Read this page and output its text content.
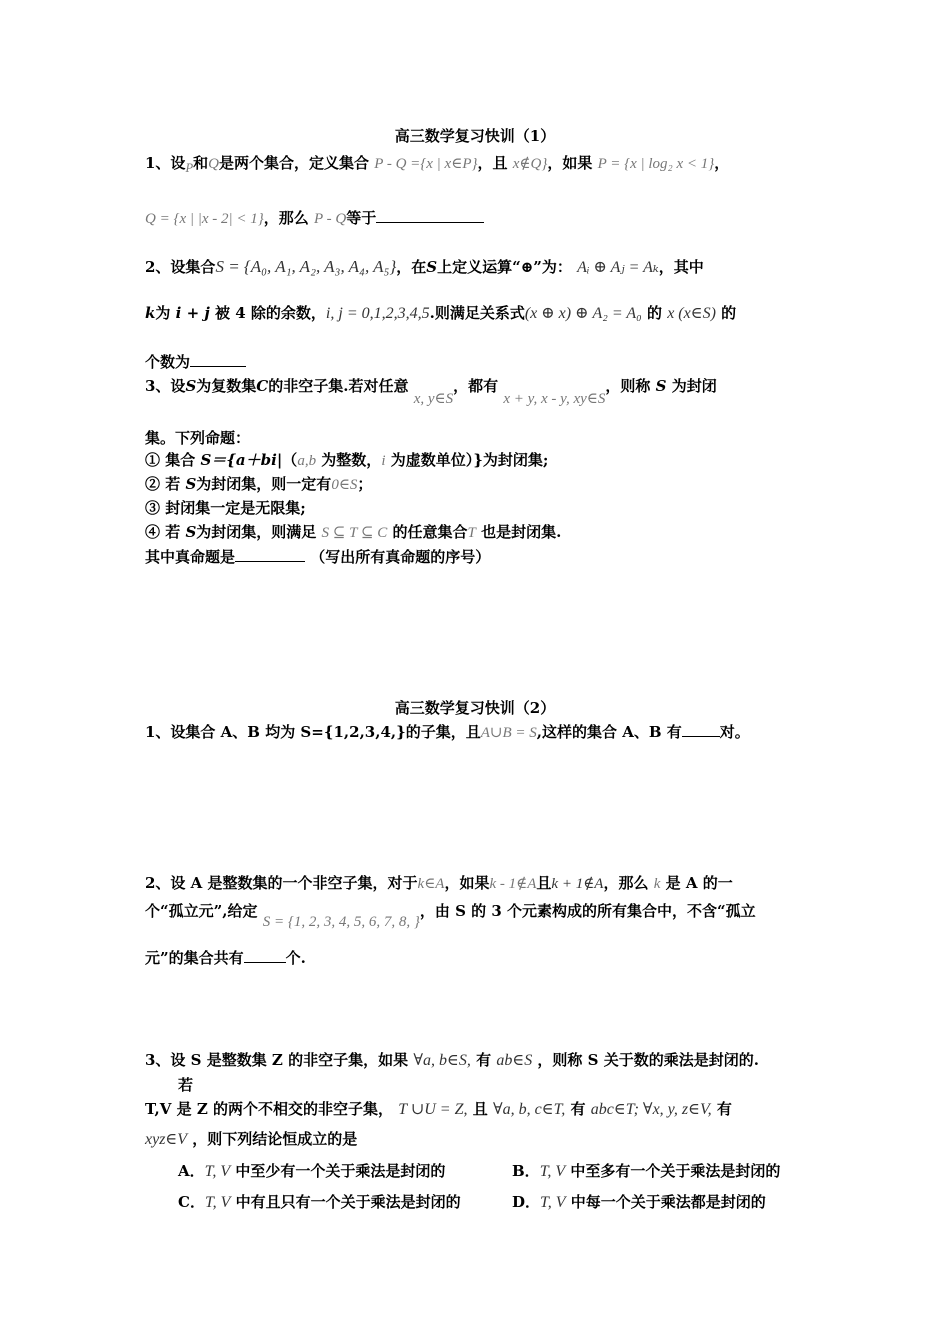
高三数学复习快训（1）
1、设$_P$和Q是两个集合，定义集合 P - Q ={x | x∈P}，且 x∉Q}，如果 P = {x | log₂ x < 1}，
Q = {x | |x - 2| < 1}，那么 P - Q等于
2、设集合S = {A₀, A₁, A₂, A₃, A₄, A₅}，在S上定义运算“⊕”为： Aᵢ ⊕ Aⱼ = Aₖ，其中
k为 i + j 被 4 除的余数，i, j = 0,1,2,3,4,5.则满足关系式(x ⊕ x) ⊕ A₂ = A₀ 的 x (x∈S) 的
个数为
3、设S为复数集C的非空子集.若对任意 x, y∈S，都有 x + y, x - y, xy∈S，则称 S 为封闭
集。下列命题：
① 集合 S＝{a＋bi|（a,b 为整数，i 为虚数单位）}为封闭集;
② 若 S为封闭集，则一定有0∈S；
③ 封闭集一定是无限集;
④ 若 S为封闭集，则满足 S ⊆ T ⊆ C 的任意集合T 也是封闭集.
其中真命题是	（写出所有真命题的序号）
高三数学复习快训（2）
1、设集合 A、B 均为 S={1,2,3,4,}的子集，且A∪B = S,这样的集合 A、B 有	对。
2、设 A 是整数集的一个非空子集，对于k∈A，如果k - 1∉A且k + 1∉A，那么 k 是 A 的一
个“孤立元”,给定 S = {1, 2, 3, 4, 5, 6, 7, 8, }，由 S 的 3 个元素构成的所有集合中，不含“孤立
元”的集合共有	个.
3、设 S 是整数集 Z 的非空子集，如果 ∀a, b∈S, 有 ab∈S ，则称 S 关于数的乘法是封闭的.
若
T,V 是 Z 的两个不相交的非空子集， T ∪U = Z, 且 ∀a, b, c∈T, 有 abc∈T; ∀x, y, z∈V, 有
xyz∈V ，则下列结论恒成立的是
A．T, V 中至少有一个关于乘法是封闭的	B．T, V 中至多有一个关于乘法是封闭的
C．T, V 中有且只有一个关于乘法是封闭的	D．T, V 中每一个关于乘法都是封闭的
